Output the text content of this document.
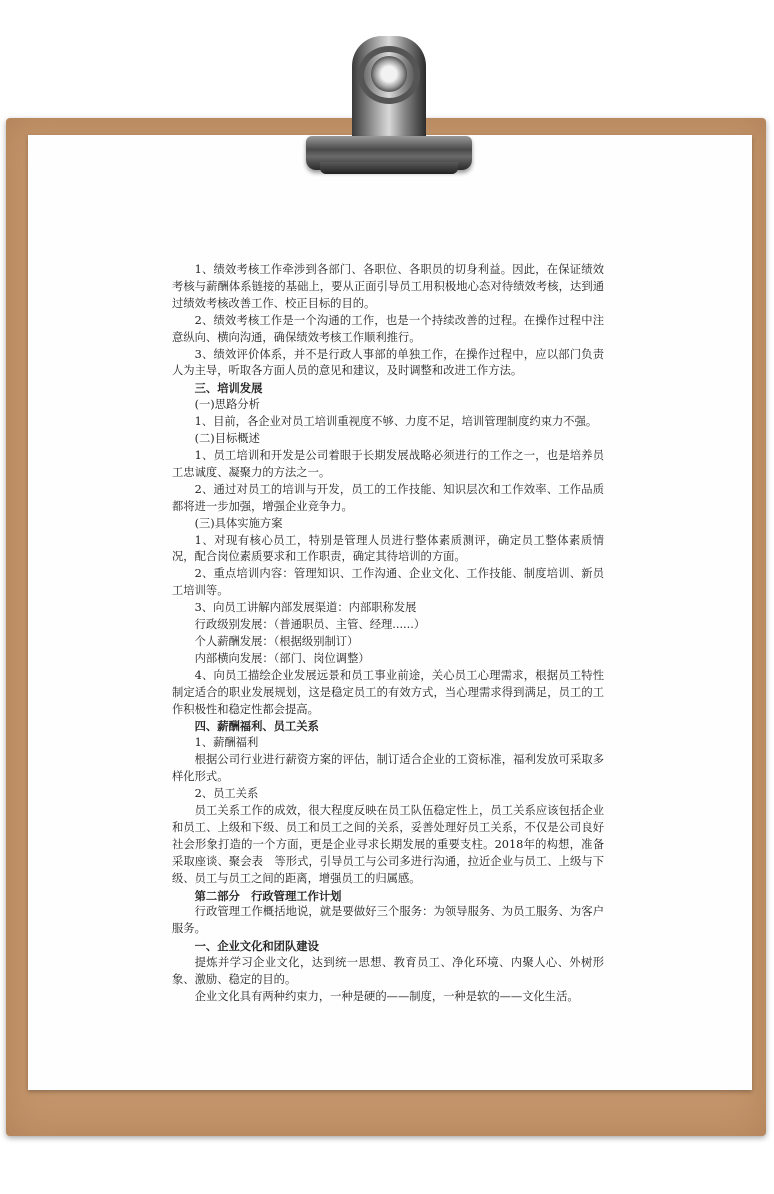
1、绩效考核工作牵涉到各部门、各职位、各职员的切身利益。因此，在保证绩效考核与薪酬体系链接的基础上，要从正面引导员工用积极地心态对待绩效考核，达到通过绩效考核改善工作、校正目标的目的。

2、绩效考核工作是一个沟通的工作，也是一个持续改善的过程。在操作过程中注意纵向、横向沟通，确保绩效考核工作顺利推行。

3、绩效评价体系，并不是行政人事部的单独工作，在操作过程中，应以部门负责人为主导，听取各方面人员的意见和建议，及时调整和改进工作方法。

三、培训发展

(一)思路分析

1、目前，各企业对员工培训重视度不够、力度不足，培训管理制度约束力不强。

(二)目标概述

1、员工培训和开发是公司着眼于长期发展战略必须进行的工作之一，也是培养员工忠诚度、凝聚力的方法之一。

2、通过对员工的培训与开发，员工的工作技能、知识层次和工作效率、工作品质都将进一步加强，增强企业竞争力。

(三)具体实施方案

1、对现有核心员工，特别是管理人员进行整体素质测评，确定员工整体素质情况，配合岗位素质要求和工作职责，确定其待培训的方面。

2、重点培训内容：管理知识、工作沟通、企业文化、工作技能、制度培训、新员工培训等。

3、向员工讲解内部发展渠道：内部职称发展

行政级别发展：（普通职员、主管、经理......）

个人薪酬发展：（根据级别制订）

内部横向发展：（部门、岗位调整）

4、向员工描绘企业发展远景和员工事业前途，关心员工心理需求，根据员工特性制定适合的职业发展规划，这是稳定员工的有效方式，当心理需求得到满足，员工的工作积极性和稳定性都会提高。

四、薪酬福利、员工关系

1、薪酬福利

根据公司行业进行薪资方案的评估，制订适合企业的工资标准，福利发放可采取多样化形式。

2、员工关系

员工关系工作的成效，很大程度反映在员工队伍稳定性上，员工关系应该包括企业和员工、上级和下级、员工和员工之间的关系，妥善处理好员工关系，不仅是公司良好社会形象打造的一个方面，更是企业寻求长期发展的重要支柱。2018年的构想，准备采取座谈、聚会表　等形式，引导员工与公司多进行沟通，拉近企业与员工、上级与下级、员工与员工之间的距离，增强员工的归属感。

第二部分　行政管理工作计划

行政管理工作概括地说，就是要做好三个服务：为领导服务、为员工服务、为客户服务。

一、企业文化和团队建设

提炼并学习企业文化，达到统一思想、教育员工、净化环境、内聚人心、外树形象、激励、稳定的目的。

企业文化具有两种约束力，一种是硬的——制度，一种是软的——文化生活。
